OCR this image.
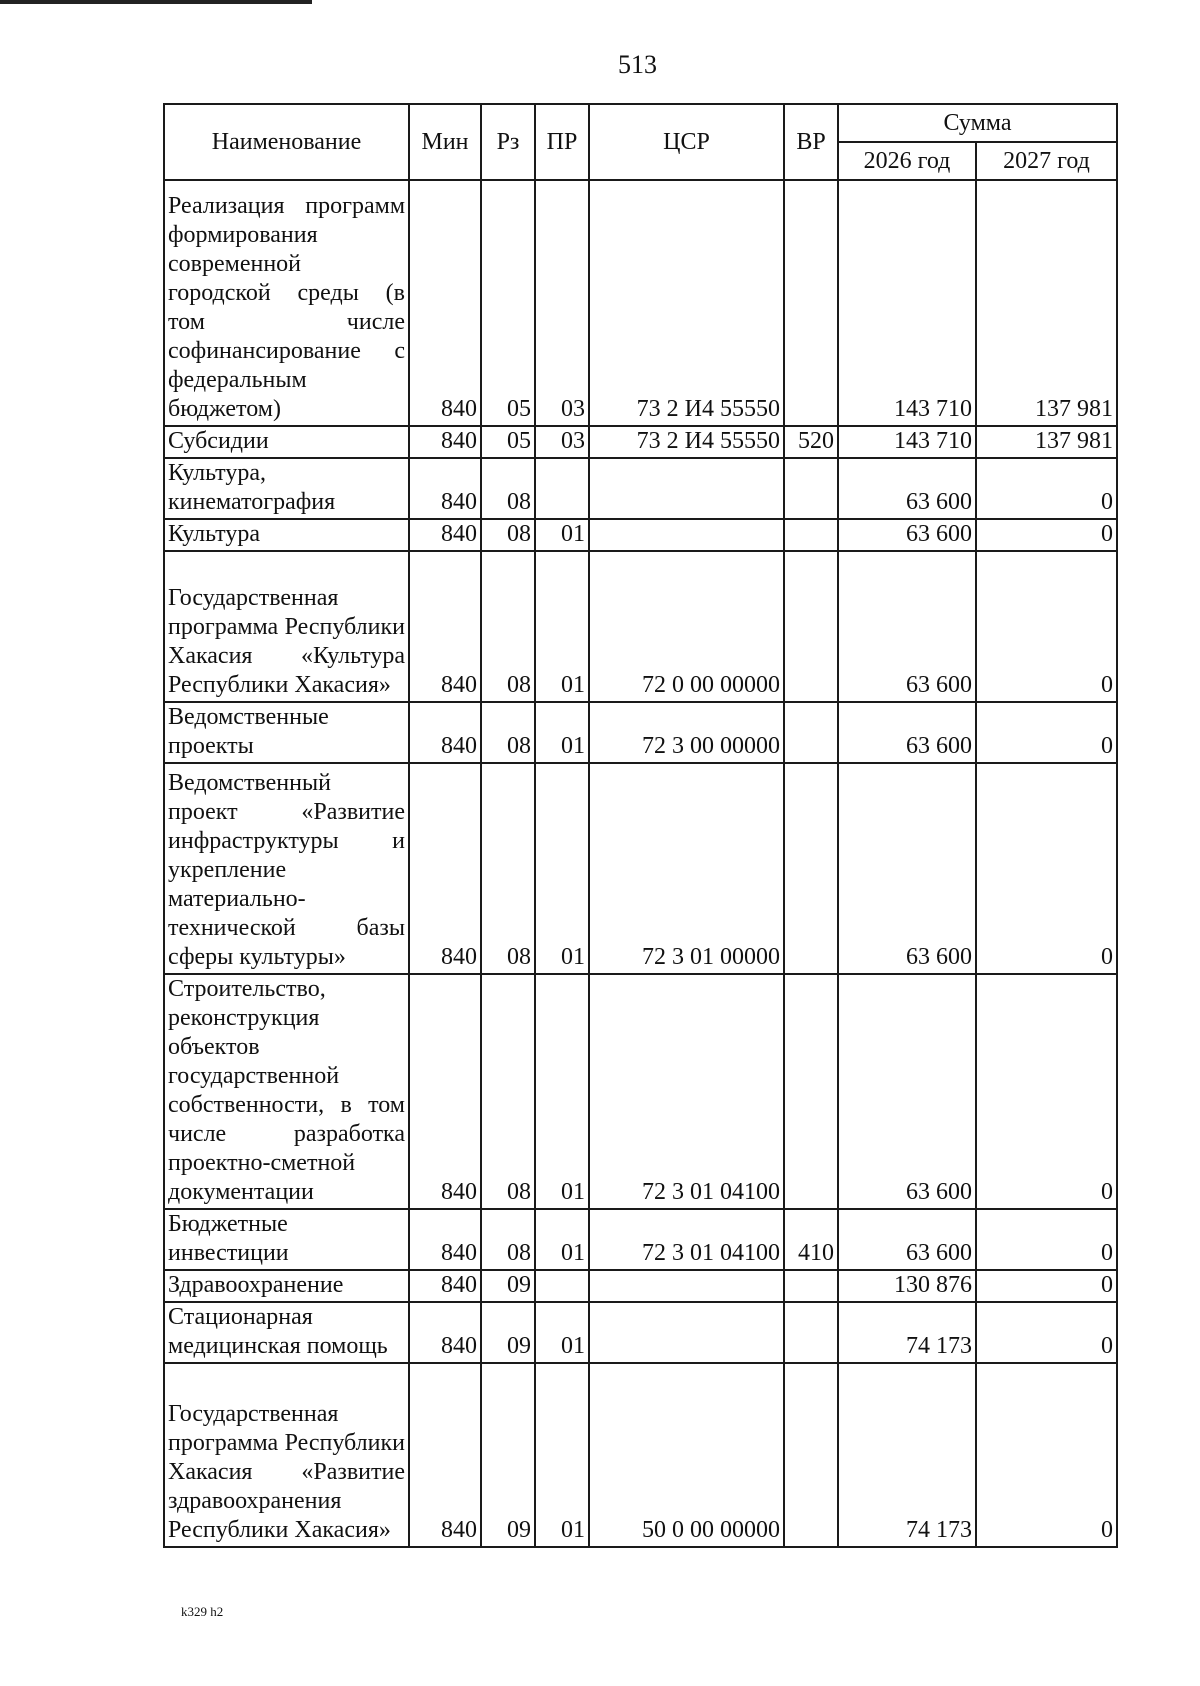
513
Наименование	Мин	Рз	ПР	ЦСР	ВР	Сумма	
						2026 год	2027 год
Реализация программ формирования современной городской среды (в том числе софинансирование с федеральным бюджетом)	840	05	03	73 2 И4 55550		143 710	137 981
Субсидии	840	05	03	73 2 И4 55550	520	143 710	137 981
Культура, кинематография	840	08				63 600	0
Культура	840	08	01			63 600	0
Государственная программа Республики Хакасия «Культура Республики Хакасия»	840	08	01	72 0 00 00000		63 600	0
Ведомственные проекты	840	08	01	72 3 00 00000		63 600	0
Ведомственный проект «Развитие инфраструктуры и укрепление материально-технической базы сферы культуры»	840	08	01	72 3 01 00000		63 600	0
Строительство, реконструкция объектов государственной собственности, в том числе разработка проектно-сметной документации	840	08	01	72 3 01 04100		63 600	0
Бюджетные инвестиции	840	08	01	72 3 01 04100	410	63 600	0
Здравоохранение	840	09				130 876	0
Стационарная медицинская помощь	840	09	01			74 173	0
Государственная программа Республики Хакасия «Развитие здравоохранения Республики Хакасия»	840	09	01	50 0 00 00000		74 173	0
k329 h2
